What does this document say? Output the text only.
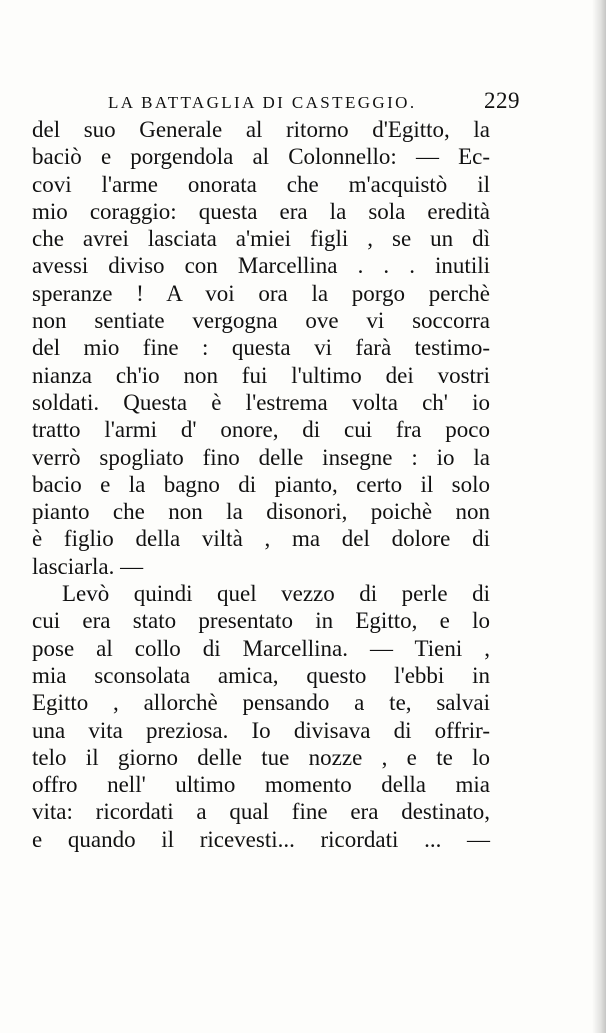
LA BATTAGLIA DI CASTEGGIO.	229
del suo Generale al ritorno d'Egitto, la
baciò e porgendola al Colonnello: — Ec-
covi l'arme onorata che m'acquistò il
mio coraggio: questa era la sola eredità
che avrei lasciata a'miei figli , se un dì
avessi diviso con Marcellina . . . inutili
speranze ! A voi ora la porgo perchè
non sentiate vergogna ove vi soccorra
del mio fine : questa vi farà testimo-
nianza ch'io non fui l'ultimo dei vostri
soldati. Questa è l'estrema volta ch' io
tratto l'armi d' onore, di cui fra poco
verrò spogliato fino delle insegne : io la
bacio e la bagno di pianto, certo il solo
pianto che non la disonori, poichè non
è figlio della viltà , ma del dolore di
lasciarla. —
Levò quindi quel vezzo di perle di
cui era stato presentato in Egitto, e lo
pose al collo di Marcellina. — Tieni ,
mia sconsolata amica, questo l'ebbi in
Egitto , allorchè pensando a te, salvai
una vita preziosa. Io divisava di offrir-
telo il giorno delle tue nozze , e te lo
offro nell' ultimo momento della mia
vita: ricordati a qual fine era destinato,
e quando il ricevesti... ricordati ... —
